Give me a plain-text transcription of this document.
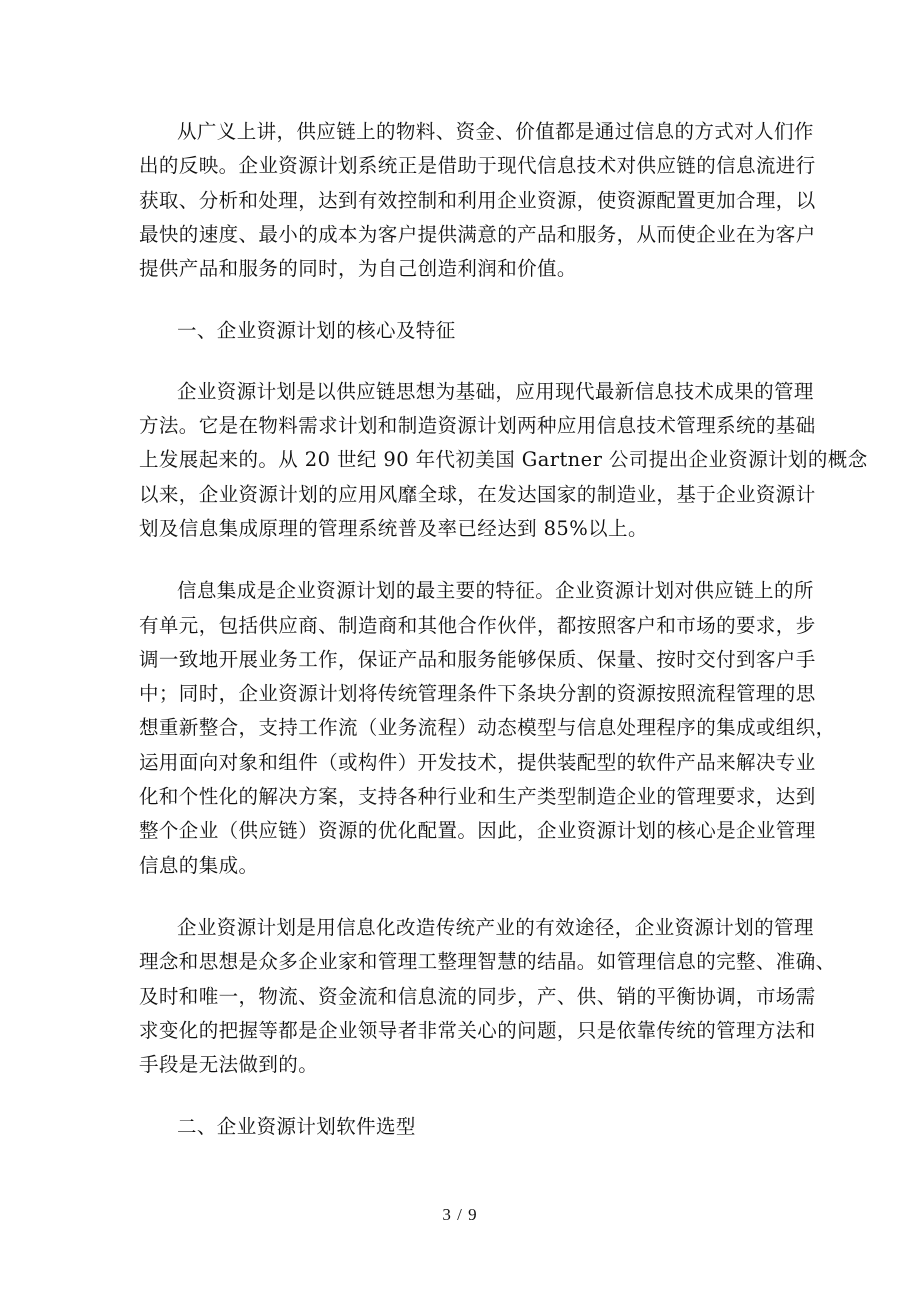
从广义上讲，供应链上的物料、资金、价值都是通过信息的方式对人们作
出的反映。企业资源计划系统正是借助于现代信息技术对供应链的信息流进行
获取、分析和处理，达到有效控制和利用企业资源，使资源配置更加合理，以
最快的速度、最小的成本为客户提供满意的产品和服务，从而使企业在为客户
提供产品和服务的同时，为自己创造利润和价值。

一、企业资源计划的核心及特征

企业资源计划是以供应链思想为基础，应用现代最新信息技术成果的管理
方法。它是在物料需求计划和制造资源计划两种应用信息技术管理系统的基础
上发展起来的。从 20 世纪 90 年代初美国 Gartner 公司提出企业资源计划的概念
以来，企业资源计划的应用风靡全球，在发达国家的制造业，基于企业资源计
划及信息集成原理的管理系统普及率已经达到 85%以上。

信息集成是企业资源计划的最主要的特征。企业资源计划对供应链上的所
有单元，包括供应商、制造商和其他合作伙伴，都按照客户和市场的要求，步
调一致地开展业务工作，保证产品和服务能够保质、保量、按时交付到客户手
中；同时，企业资源计划将传统管理条件下条块分割的资源按照流程管理的思
想重新整合，支持工作流（业务流程）动态模型与信息处理程序的集成或组织，
运用面向对象和组件（或构件）开发技术，提供装配型的软件产品来解决专业
化和个性化的解决方案，支持各种行业和生产类型制造企业的管理要求，达到
整个企业（供应链）资源的优化配置。因此，企业资源计划的核心是企业管理
信息的集成。

企业资源计划是用信息化改造传统产业的有效途径，企业资源计划的管理
理念和思想是众多企业家和管理工整理智慧的结晶。如管理信息的完整、准确、
及时和唯一，物流、资金流和信息流的同步，产、供、销的平衡协调，市场需
求变化的把握等都是企业领导者非常关心的问题，只是依靠传统的管理方法和
手段是无法做到的。

二、企业资源计划软件选型

3 / 9
